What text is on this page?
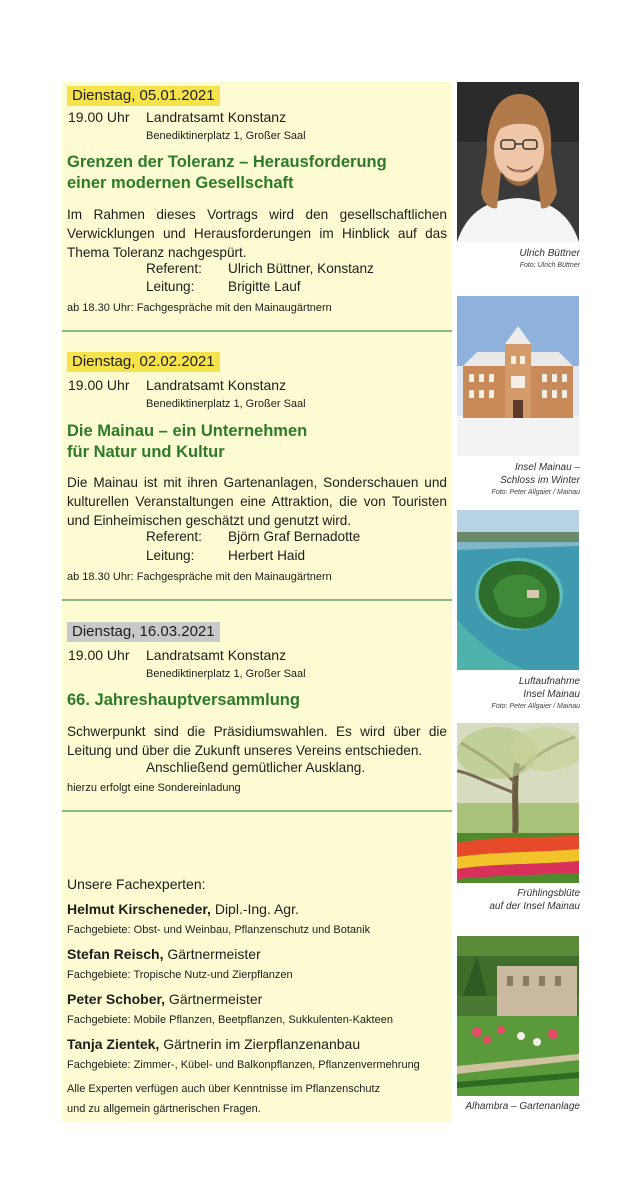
Dienstag, 05.01.2021
19.00 Uhr Landratsamt Konstanz
Benediktinerplatz 1, Großer Saal
Grenzen der Toleranz – Herausforderung
einer modernen Gesellschaft
Im Rahmen dieses Vortrags wird den gesellschaftlichen Verwicklungen und Herausforderungen im Hinblick auf das Thema Toleranz nachgespürt.
Referent: Ulrich Büttner, Konstanz
Leitung: Brigitte Lauf
ab 18.30 Uhr: Fachgespräche mit den Mainaugärtnern
Dienstag, 02.02.2021
19.00 Uhr Landratsamt Konstanz
Benediktinerplatz 1, Großer Saal
Die Mainau – ein Unternehmen
für Natur und Kultur
Die Mainau ist mit ihren Gartenanlagen, Sonderschauen und kulturellen Veranstaltungen eine Attraktion, die von Touristen und Einheimischen geschätzt und genutzt wird.
Referent: Björn Graf Bernadotte
Leitung: Herbert Haid
ab 18.30 Uhr: Fachgespräche mit den Mainaugärtnern
Dienstag, 16.03.2021
19.00 Uhr Landratsamt Konstanz
Benediktinerplatz 1, Großer Saal
66. Jahreshauptversammlung
Schwerpunkt sind die Präsidiumswahlen. Es wird über die Leitung und über die Zukunft unseres Vereins entschieden.
Anschließend gemütlicher Ausklang.
hierzu erfolgt eine Sondereinladung
Unsere Fachexperten:
Helmut Kirscheneder, Dipl.-Ing. Agr.
Fachgebiete: Obst- und Weinbau, Pflanzenschutz und Botanik
Stefan Reisch, Gärtnermeister
Fachgebiete: Tropische Nutz-und Zierpflanzen
Peter Schober, Gärtnermeister
Fachgebiete: Mobile Pflanzen, Beetpflanzen, Sukkulenten-Kakteen
Tanja Zientek, Gärtnerin im Zierpflanzenanbau
Fachgebiete: Zimmer-, Kübel- und Balkonpflanzen, Pflanzenvermehrung
Alle Experten verfügen auch über Kenntnisse im Pflanzenschutz
und zu allgemein gärtnerischen Fragen.
Ulrich Büttner
Foto: Ulrich Büttner
Insel Mainau –
Schloss im Winter
Foto: Peter Allgaier / Mainau
Luftaufnahme
Insel Mainau
Foto: Peter Allgaier / Mainau
Frühlingsblüte
auf der Insel Mainau
Alhambra – Gartenanlage
